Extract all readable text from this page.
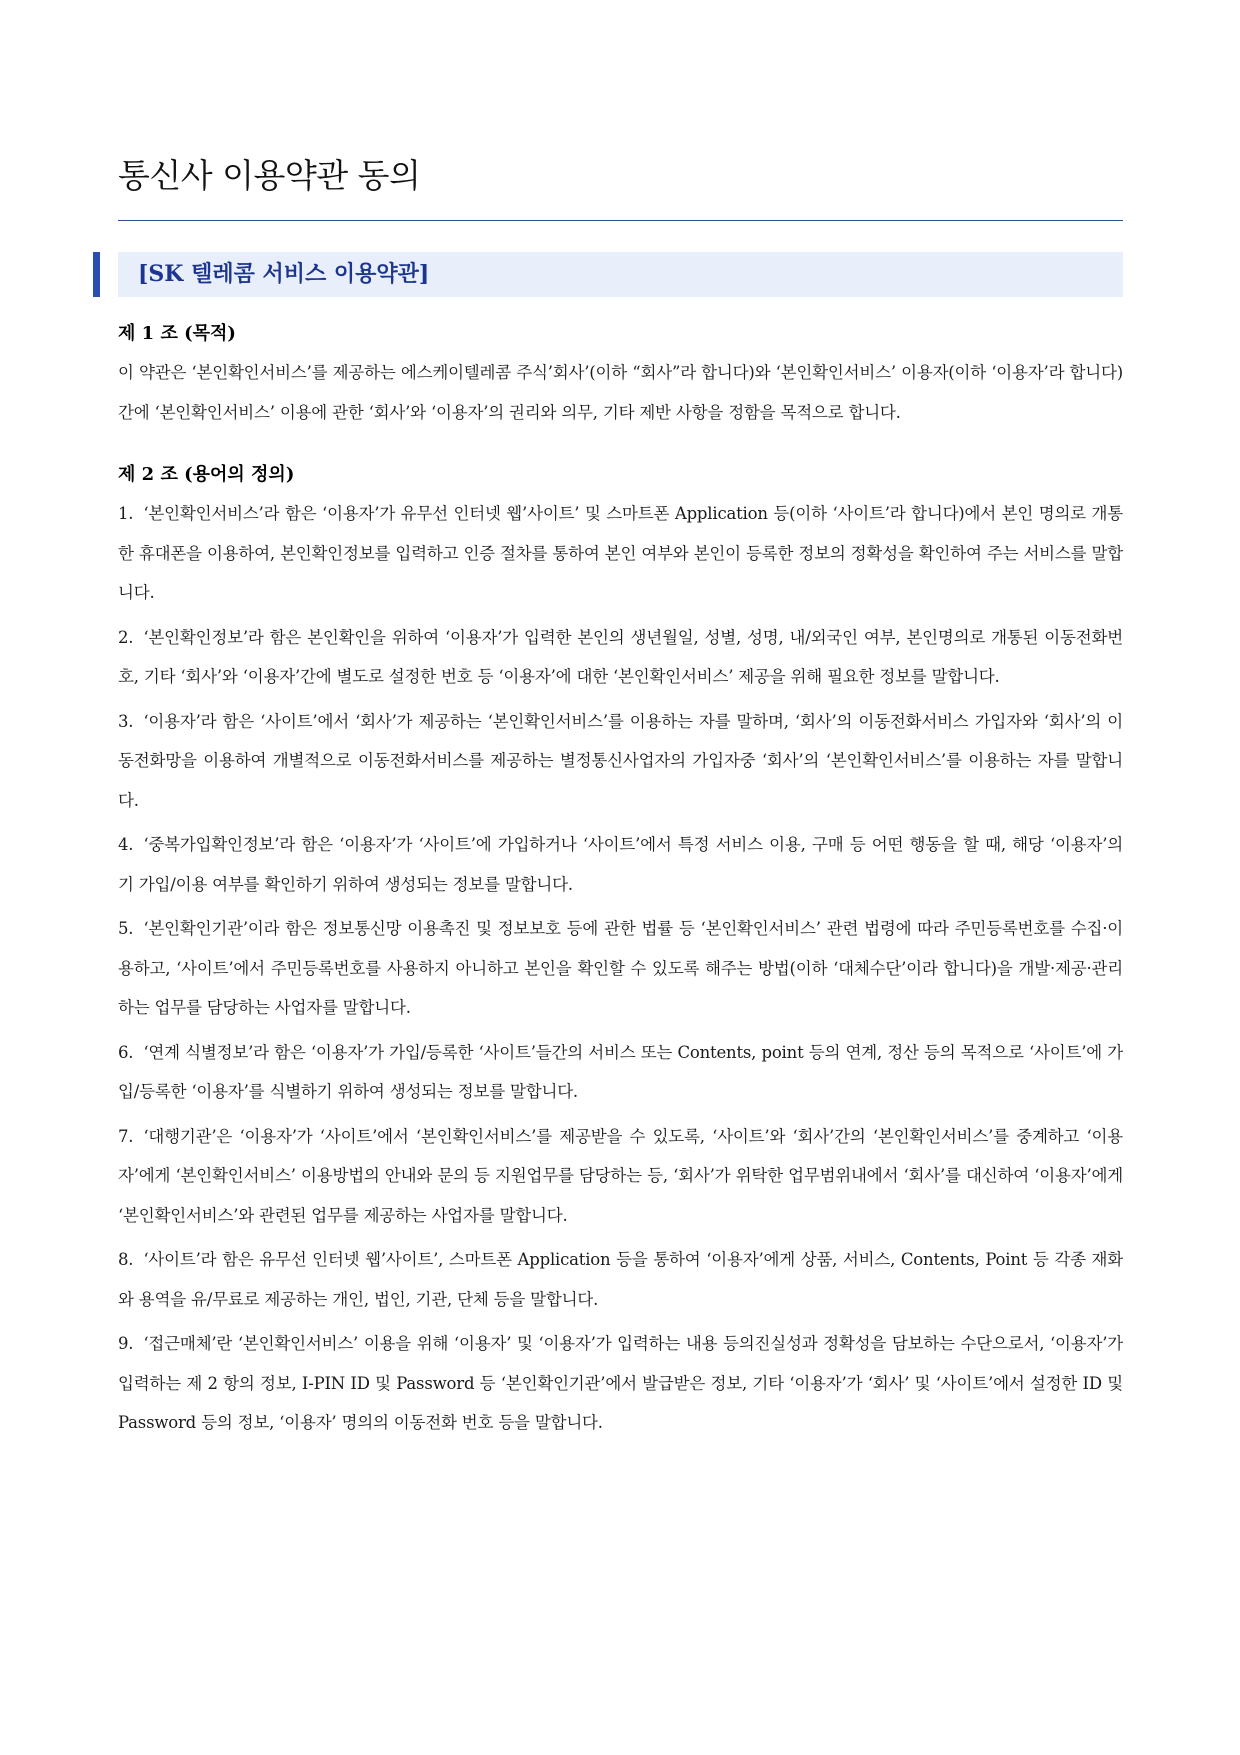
통신사 이용약관 동의
[SK 텔레콤 서비스 이용약관]
제 1 조 (목적)

이 약관은 ‘본인확인서비스’를 제공하는 에스케이텔레콤 주식’회사’(이하 “회사”라 합니다)와 ‘본인확인서비스’ 이용자(이하 ‘이용자’라 합니다)간에 ‘본인확인서비스’ 이용에 관한 ‘회사’와 ‘이용자’의 권리와 의무, 기타 제반 사항을 정함을 목적으로 합니다.

제 2 조 (용어의 정의)
1. ‘본인확인서비스’라 함은 ‘이용자’가 유무선 인터넷 웹’사이트’ 및 스마트폰 Application 등(이하 ‘사이트’라 합니다)에서 본인 명의로 개통한 휴대폰을 이용하여, 본인확인정보를 입력하고 인증 절차를 통하여 본인 여부와 본인이 등록한 정보의 정확성을 확인하여 주는 서비스를 말합니다.
2. ‘본인확인정보’라 함은 본인확인을 위하여 ‘이용자’가 입력한 본인의 생년월일, 성별, 성명, 내/외국인 여부, 본인명의로 개통된 이동전화번호, 기타 ‘회사’와 ‘이용자’간에 별도로 설정한 번호 등 ‘이용자’에 대한 ‘본인확인서비스’ 제공을 위해 필요한 정보를 말합니다.
3. ‘이용자’라 함은 ‘사이트’에서 ‘회사’가 제공하는 ‘본인확인서비스’를 이용하는 자를 말하며, ‘회사’의 이동전화서비스 가입자와 ‘회사’의 이동전화망을 이용하여 개별적으로 이동전화서비스를 제공하는 별정통신사업자의 가입자중 ‘회사’의 ‘본인확인서비스’를 이용하는 자를 말합니다.
4. ‘중복가입확인정보’라 함은 ‘이용자’가 ‘사이트’에 가입하거나 ‘사이트’에서 특정 서비스 이용, 구매 등 어떤 행동을 할 때, 해당 ‘이용자’의 기 가입/이용 여부를 확인하기 위하여 생성되는 정보를 말합니다.
5. ‘본인확인기관’이라 함은 정보통신망 이용촉진 및 정보보호 등에 관한 법률 등 ‘본인확인서비스’ 관련 법령에 따라 주민등록번호를 수집·이용하고, ‘사이트’에서 주민등록번호를 사용하지 아니하고 본인을 확인할 수 있도록 해주는 방법(이하 ‘대체수단’이라 합니다)을 개발·제공·관리하는 업무를 담당하는 사업자를 말합니다.
6. ‘연계 식별정보’라 함은 ‘이용자’가 가입/등록한 ‘사이트’들간의 서비스 또는 Contents, point 등의 연계, 정산 등의 목적으로 ‘사이트’에 가입/등록한 ‘이용자’를 식별하기 위하여 생성되는 정보를 말합니다.
7. ‘대행기관’은 ‘이용자’가 ‘사이트’에서 ‘본인확인서비스’를 제공받을 수 있도록, ‘사이트’와 ‘회사’간의 ‘본인확인서비스’를 중계하고 ‘이용자’에게 ‘본인확인서비스’ 이용방법의 안내와 문의 등 지원업무를 담당하는 등, ‘회사’가 위탁한 업무범위내에서 ‘회사’를 대신하여 ‘이용자’에게 ‘본인확인서비스’와 관련된 업무를 제공하는 사업자를 말합니다.
8. ‘사이트’라 함은 유무선 인터넷 웹’사이트’, 스마트폰 Application 등을 통하여 ‘이용자’에게 상품, 서비스, Contents, Point 등 각종 재화와 용역을 유/무료로 제공하는 개인, 법인, 기관, 단체 등을 말합니다.
9. ‘접근매체’란 ‘본인확인서비스’ 이용을 위해 ‘이용자’ 및 ‘이용자’가 입력하는 내용 등의진실성과 정확성을 담보하는 수단으로서, ‘이용자’가 입력하는 제 2 항의 정보, I-PIN ID 및 Password 등 ‘본인확인기관’에서 발급받은 정보, 기타 ‘이용자’가 ‘회사’ 및 ‘사이트’에서 설정한 ID 및 Password 등의 정보, ‘이용자’ 명의의 이동전화 번호 등을 말합니다.
